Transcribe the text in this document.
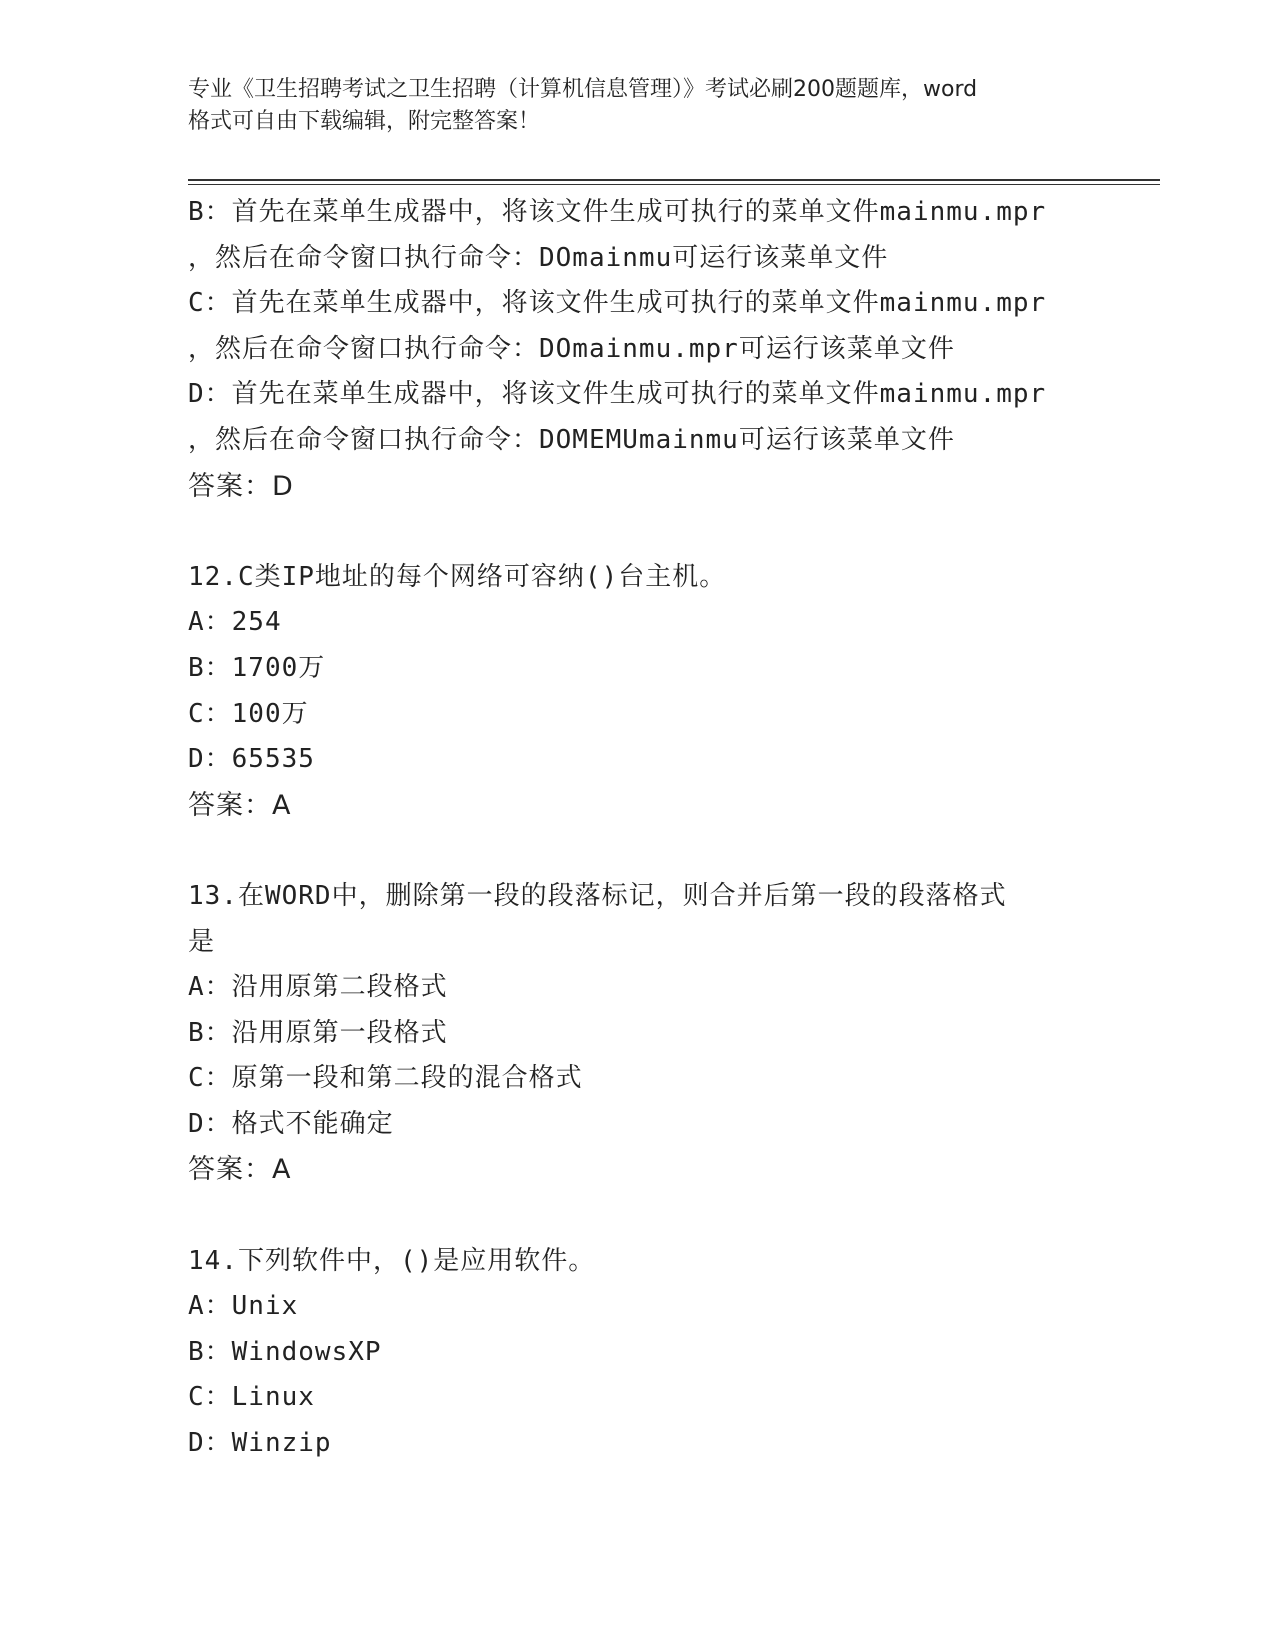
专业《卫生招聘考试之卫生招聘（计算机信息管理）》考试必刷200题题库，word
格式可自由下载编辑，附完整答案！
B：首先在菜单生成器中，将该文件生成可执行的菜单文件mainmu.mpr
，然后在命令窗口执行命令：DOmainmu可运行该菜单文件
C：首先在菜单生成器中，将该文件生成可执行的菜单文件mainmu.mpr
，然后在命令窗口执行命令：DOmainmu.mpr可运行该菜单文件
D：首先在菜单生成器中，将该文件生成可执行的菜单文件mainmu.mpr
，然后在命令窗口执行命令：DOMEMUmainmu可运行该菜单文件
答案：D
12.C类IP地址的每个网络可容纳()台主机。
A：254
B：1700万
C：100万
D：65535
答案：A
13.在WORD中，删除第一段的段落标记，则合并后第一段的段落格式
是
A：沿用原第二段格式
B：沿用原第一段格式
C：原第一段和第二段的混合格式
D：格式不能确定
答案：A
14.下列软件中，()是应用软件。
A：Unix
B：WindowsXP
C：Linux
D：Winzip
